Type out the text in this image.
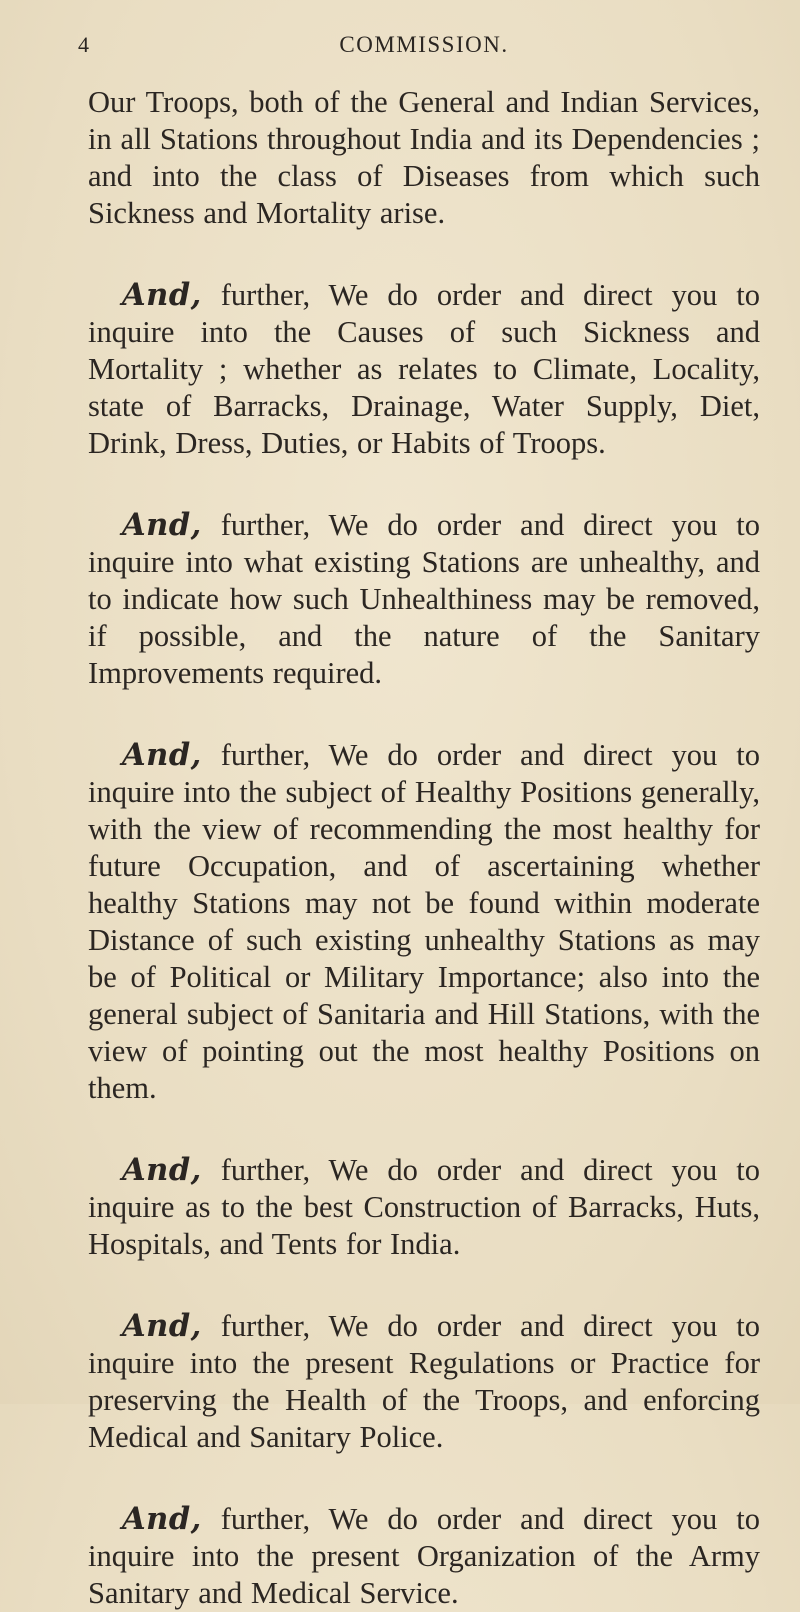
4	COMMISSION.

Our Troops, both of the General and Indian Services, in all Stations throughout India and its Dependencies ; and into the class of Diseases from which such Sickness and Mortality arise.

And, further, We do order and direct you to inquire into the Causes of such Sickness and Mortality ; whether as relates to Climate, Locality, state of Barracks, Drainage, Water Supply, Diet, Drink, Dress, Duties, or Habits of Troops.

And, further, We do order and direct you to inquire into what existing Stations are unhealthy, and to indicate how such Unhealthiness may be removed, if possible, and the nature of the Sanitary Improvements required.

And, further, We do order and direct you to inquire into the subject of Healthy Positions generally, with the view of recommending the most healthy for future Occupation, and of ascertaining whether healthy Stations may not be found within moderate Distance of such existing unhealthy Stations as may be of Political or Military Importance; also into the general subject of Sanitaria and Hill Stations, with the view of pointing out the most healthy Positions on them.

And, further, We do order and direct you to inquire as to the best Construction of Barracks, Huts, Hospitals, and Tents for India.

And, further, We do order and direct you to inquire into the present Regulations or Practice for preserving the Health of the Troops, and enforcing Medical and Sanitary Police.

And, further, We do order and direct you to inquire into the present Organization of the Army Sanitary and Medical Service.
